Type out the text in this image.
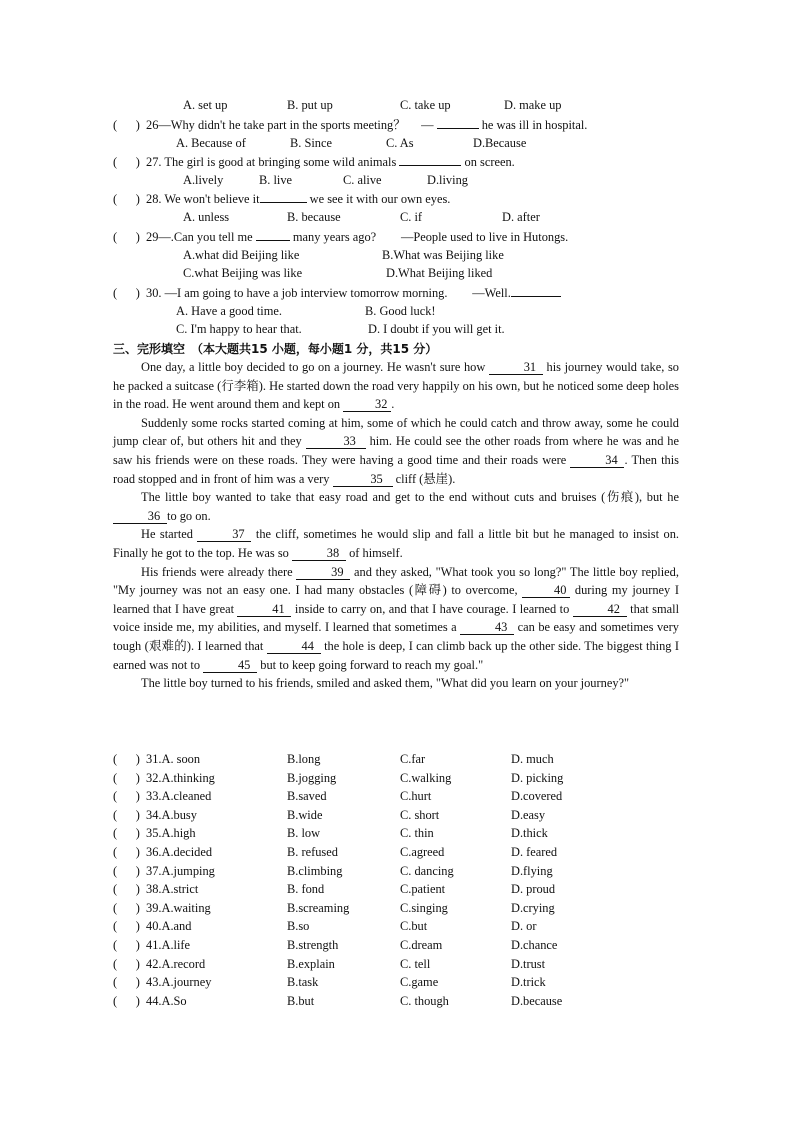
A. set up	B. put up	C. take up	D. make up
( ) 26—Why didn't he take part in the sports meeting？　 —	he was ill in hospital.
A. Because of	B. Since	C. As	D.Because
( ) 27. The girl is good at bringing some wild animals	on screen.
A.lively	B. live	C. alive	D.living
( ) 28. We won't believe it	we see it with our own eyes.
A. unless	B. because	C. if	D. after
( ) 29—.Can you tell me	many years ago?　　—People used to live in Hutongs.
A.what did Beijing like	B.What was Beijing like
C.what Beijing was like	D.What Beijing liked
( ) 30. —I am going to have a job interview tomorrow morning.　　—Well.
A. Have a good time.	B. Good luck!
C. I'm happy to hear that.	D. I doubt if you will get it.
三、完形填空　（本大题共15 小题，每小题1 分，共15 分）

One day, a little boy decided to go on a journey. He wasn't sure how	31 his journey would take, so he packed a suitcase (行李箱). He started down the road very happily on his own, but he noticed some deep holes in the road. He went around them and kept on	32 .

Suddenly some rocks started coming at him, some of which he could catch and throw away, some he could jump clear of, but others hit and they	33 him. He could see the other roads from where he was and he saw his friends were on these roads. They were having a good time and their roads were	34 . Then this road stopped and in front of him was a very	35 cliff (悬崖).

The little boy wanted to take that easy road and get to the end without cuts and bruises (伤痕), but he 36 to go on.

He started	37 the cliff, sometimes he would slip and fall a little bit but he managed to insist on. Finally he got to the top. He was so	38 of himself.

His friends were already there	39 and they asked, "What took you so long?" The little boy replied, "My journey was not an easy one. I had many obstacles (障碍) to overcome,	40 during my journey I learned that I have great	41 inside to carry on, and that I have courage. I learned to	42 that small voice inside me, my abilities, and myself. I learned that sometimes a	43 can be easy and sometimes very tough (艰难的). I learned that	44 the hole is deep, I can climb back up the other side. The biggest thing I earned was not to	45 but to keep going forward to reach my goal."

The little boy turned to his friends, smiled and asked them, "What did you learn on your journey?"

( ) 31.A. soon	B.long	C.far	D. much
( ) 32.A.thinking	B.jogging	C.walking	D. picking
( ) 33.A.cleaned	B.saved	C.hurt	D.covered
( ) 34.A.busy	B.wide	C. short	D.easy
( ) 35.A.high	B. low	C. thin	D.thick
( ) 36.A.decided	B. refused	C.agreed	D. feared
( ) 37.A.jumping	B.climbing	C. dancing	D.flying
( ) 38.A.strict	B. fond	C.patient	D. proud
( ) 39.A.waiting	B.screaming	C.singing	D.crying
( ) 40.A.and	B.so	C.but	D. or
( ) 41.A.life	B.strength	C.dream	D.chance
( ) 42.A.record	B.explain	C. tell	D.trust
( ) 43.A.journey	B.task	C.game	D.trick
( ) 44.A.So	B.but	C. though	D.because
